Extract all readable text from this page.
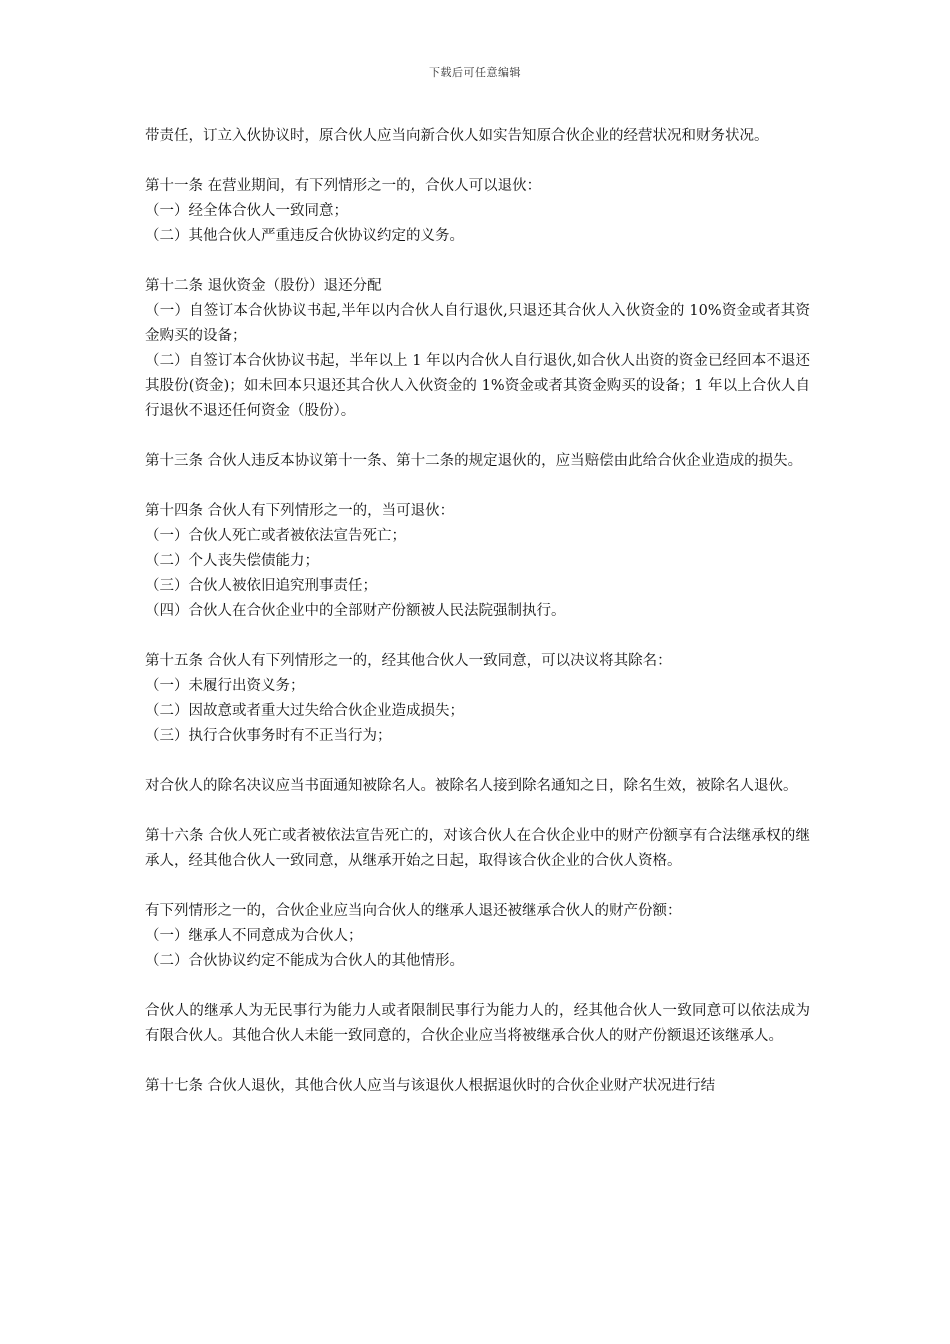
下载后可任意编辑

带责任，订立入伙协议时，原合伙人应当向新合伙人如实告知原合伙企业的经营状况和财务状况。

第十一条 在营业期间，有下列情形之一的，合伙人可以退伙：

（一）经全体合伙人一致同意；

（二）其他合伙人严重违反合伙协议约定的义务。

第十二条 退伙资金（股份）退还分配

（一）自签订本合伙协议书起,半年以内合伙人自行退伙,只退还其合伙人入伙资金的 10%资金或者其资金购买的设备；

（二）自签订本合伙协议书起，半年以上 1 年以内合伙人自行退伙,如合伙人出资的资金已经回本不退还其股份(资金)；如未回本只退还其合伙人入伙资金的 1%资金或者其资金购买的设备；1 年以上合伙人自行退伙不退还任何资金（股份）。

第十三条 合伙人违反本协议第十一条、第十二条的规定退伙的，应当赔偿由此给合伙企业造成的损失。

第十四条 合伙人有下列情形之一的，当可退伙：

（一）合伙人死亡或者被依法宣告死亡；

（二）个人丧失偿债能力；

（三）合伙人被依旧追究刑事责任；

（四）合伙人在合伙企业中的全部财产份额被人民法院强制执行。

第十五条 合伙人有下列情形之一的，经其他合伙人一致同意，可以决议将其除名：

（一）未履行出资义务；

（二）因故意或者重大过失给合伙企业造成损失；

（三）执行合伙事务时有不正当行为；

对合伙人的除名决议应当书面通知被除名人。被除名人接到除名通知之日，除名生效，被除名人退伙。

第十六条 合伙人死亡或者被依法宣告死亡的，对该合伙人在合伙企业中的财产份额享有合法继承权的继承人，经其他合伙人一致同意，从继承开始之日起，取得该合伙企业的合伙人资格。

有下列情形之一的，合伙企业应当向合伙人的继承人退还被继承合伙人的财产份额：

（一）继承人不同意成为合伙人；

（二）合伙协议约定不能成为合伙人的其他情形。

合伙人的继承人为无民事行为能力人或者限制民事行为能力人的，经其他合伙人一致同意可以依法成为有限合伙人。其他合伙人未能一致同意的，合伙企业应当将被继承合伙人的财产份额退还该继承人。

第十七条 合伙人退伙，其他合伙人应当与该退伙人根据退伙时的合伙企业财产状况进行结
